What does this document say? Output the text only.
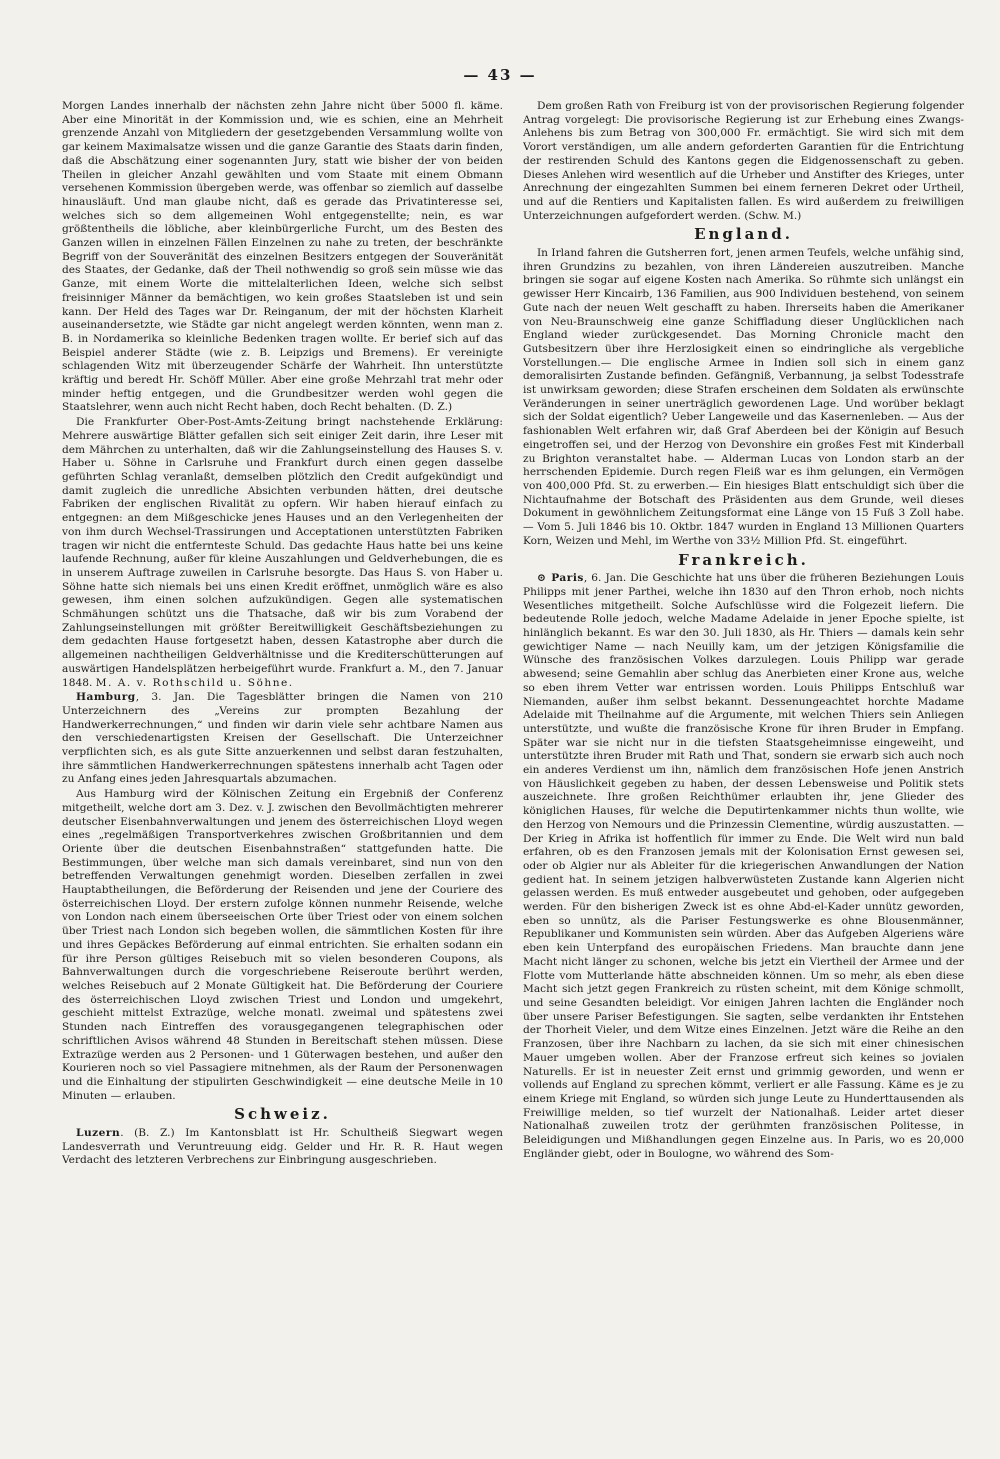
— 43 —

Morgen Landes innerhalb der nächsten zehn Jahre nicht über 5000 fl. käme. Aber eine Minorität in der Kommission und, wie es schien, eine an Mehrheit grenzende Anzahl von Mitgliedern der gesetzgebenden Versammlung wollte von gar keinem Maximalsatze wissen und die ganze Garantie des Staats darin finden, daß die Abschätzung einer sogenannten Jury, statt wie bisher der von beiden Theilen in gleicher Anzahl gewählten und vom Staate mit einem Obmann versehenen Kommission übergeben werde, was offenbar so ziemlich auf dasselbe hinausläuft. Und man glaube nicht, daß es gerade das Privatinteresse sei, welches sich so dem allgemeinen Wohl entgegenstellte; nein, es war größtentheils die löbliche, aber kleinbürgerliche Furcht, um des Besten des Ganzen willen in einzelnen Fällen Einzelnen zu nahe zu treten, der beschränkte Begriff von der Souveränität des einzelnen Besitzers entgegen der Souveränität des Staates, der Gedanke, daß der Theil nothwendig so groß sein müsse wie das Ganze, mit einem Worte die mittelalterlichen Ideen, welche sich selbst freisinniger Männer da bemächtigen, wo kein großes Staatsleben ist und sein kann. Der Held des Tages war Dr. Reinganum, der mit der höchsten Klarheit auseinandersetzte, wie Städte gar nicht angelegt werden könnten, wenn man z. B. in Nordamerika so kleinliche Bedenken tragen wollte. Er berief sich auf das Beispiel anderer Städte (wie z. B. Leipzigs und Bremens). Er vereinigte schlagenden Witz mit überzeugender Schärfe der Wahrheit. Ihn unterstützte kräftig und beredt Hr. Schöff Müller. Aber eine große Mehrzahl trat mehr oder minder heftig entgegen, und die Grundbesitzer werden wohl gegen die Staatslehrer, wenn auch nicht Recht haben, doch Recht behalten. (D. Z.)

Die Frankfurter Ober-Post-Amts-Zeitung bringt nachstehende Erklärung: Mehrere auswärtige Blätter gefallen sich seit einiger Zeit darin, ihre Leser mit dem Mährchen zu unterhalten, daß wir die Zahlungseinstellung des Hauses S. v. Haber u. Söhne in Carlsruhe und Frankfurt durch einen gegen dasselbe geführten Schlag veranlaßt, demselben plötzlich den Credit aufgekündigt und damit zugleich die unredliche Absichten verbunden hätten, drei deutsche Fabriken der englischen Rivalität zu opfern. Wir haben hierauf einfach zu entgegnen: an dem Mißgeschicke jenes Hauses und an den Verlegenheiten der von ihm durch Wechsel-Trassirungen und Acceptationen unterstützten Fabriken tragen wir nicht die entfernteste Schuld. Das gedachte Haus hatte bei uns keine laufende Rechnung, außer für kleine Auszahlungen und Geldverhebungen, die es in unserem Auftrage zuweilen in Carlsruhe besorgte. Das Haus S. von Haber u. Söhne hatte sich niemals bei uns einen Kredit eröffnet, unmöglich wäre es also gewesen, ihm einen solchen aufzukündigen. Gegen alle systematischen Schmähungen schützt uns die Thatsache, daß wir bis zum Vorabend der Zahlungseinstellungen mit größter Bereitwilligkeit Geschäftsbeziehungen zu dem gedachten Hause fortgesetzt haben, dessen Katastrophe aber durch die allgemeinen nachtheiligen Geldverhältnisse und die Krediterschütterungen auf auswärtigen Handelsplätzen herbeigeführt wurde. Frankfurt a. M., den 7. Januar 1848. M. A. v. Rothschild u. Söhne.

Hamburg, 3. Jan. Die Tagesblätter bringen die Namen von 210 Unterzeichnern des „Vereins zur prompten Bezahlung der Handwerkerrechnungen,“ und finden wir darin viele sehr achtbare Namen aus den verschiedenartigsten Kreisen der Gesellschaft. Die Unterzeichner verpflichten sich, es als gute Sitte anzuerkennen und selbst daran festzuhalten, ihre sämmtlichen Handwerkerrechnungen spätestens innerhalb acht Tagen oder zu Anfang eines jeden Jahresquartals abzumachen.

Aus Hamburg wird der Kölnischen Zeitung ein Ergebniß der Conferenz mitgetheilt, welche dort am 3. Dez. v. J. zwischen den Bevollmächtigten mehrerer deutscher Eisenbahnverwaltungen und jenem des österreichischen Lloyd wegen eines „regelmäßigen Transportverkehres zwischen Großbritannien und dem Oriente über die deutschen Eisenbahnstraßen“ stattgefunden hatte. Die Bestimmungen, über welche man sich damals vereinbaret, sind nun von den betreffenden Verwaltungen genehmigt worden. Dieselben zerfallen in zwei Hauptabtheilungen, die Beförderung der Reisenden und jene der Couriere des österreichischen Lloyd. Der erstern zufolge können nunmehr Reisende, welche von London nach einem überseeischen Orte über Triest oder von einem solchen über Triest nach London sich begeben wollen, die sämmtlichen Kosten für ihre und ihres Gepäckes Beförderung auf einmal entrichten. Sie erhalten sodann ein für ihre Person gültiges Reisebuch mit so vielen besonderen Coupons, als Bahnverwaltungen durch die vorgeschriebene Reiseroute berührt werden, welches Reisebuch auf 2 Monate Gültigkeit hat. Die Beförderung der Couriere des österreichischen Lloyd zwischen Triest und London und umgekehrt, geschieht mittelst Extrazüge, welche monatl. zweimal und spätestens zwei Stunden nach Eintreffen des vorausgegangenen telegraphischen oder schriftlichen Avisos während 48 Stunden in Bereitschaft stehen müssen. Diese Extrazüge werden aus 2 Personen- und 1 Güterwagen bestehen, und außer den Kourieren noch so viel Passagiere mitnehmen, als der Raum der Personenwagen und die Einhaltung der stipulirten Geschwindigkeit — eine deutsche Meile in 10 Minuten — erlauben.

Schweiz.

Luzern. (B. Z.) Im Kantonsblatt ist Hr. Schultheiß Siegwart wegen Landesverrath und Veruntreuung eidg. Gelder und Hr. R. R. Haut wegen Verdacht des letzteren Verbrechens zur Einbringung ausgeschrieben.

Dem großen Rath von Freiburg ist von der provisorischen Regierung folgender Antrag vorgelegt: Die provisorische Regierung ist zur Erhebung eines Zwangs-Anlehens bis zum Betrag von 300,000 Fr. ermächtigt. Sie wird sich mit dem Vorort verständigen, um alle andern geforderten Garantien für die Entrichtung der restirenden Schuld des Kantons gegen die Eidgenossenschaft zu geben. Dieses Anlehen wird wesentlich auf die Urheber und Anstifter des Krieges, unter Anrechnung der eingezahlten Summen bei einem ferneren Dekret oder Urtheil, und auf die Rentiers und Kapitalisten fallen. Es wird außerdem zu freiwilligen Unterzeichnungen aufgefordert werden. (Schw. M.)

England.

In Irland fahren die Gutsherren fort, jenen armen Teufels, welche unfähig sind, ihren Grundzins zu bezahlen, von ihren Ländereien auszutreiben. Manche bringen sie sogar auf eigene Kosten nach Amerika. So rühmte sich unlängst ein gewisser Herr Kincairb, 136 Familien, aus 900 Individuen bestehend, von seinem Gute nach der neuen Welt geschafft zu haben. Ihrerseits haben die Amerikaner von Neu-Braunschweig eine ganze Schiffladung dieser Unglücklichen nach England wieder zurückgesendet. Das Morning Chronicle macht den Gutsbesitzern über ihre Herzlosigkeit einen so eindringliche als vergebliche Vorstellungen.— Die englische Armee in Indien soll sich in einem ganz demoralisirten Zustande befinden. Gefängniß, Verbannung, ja selbst Todesstrafe ist unwirksam geworden; diese Strafen erscheinen dem Soldaten als erwünschte Veränderungen in seiner unerträglich gewordenen Lage. Und worüber beklagt sich der Soldat eigentlich? Ueber Langeweile und das Kasernenleben. — Aus der fashionablen Welt erfahren wir, daß Graf Aberdeen bei der Königin auf Besuch eingetroffen sei, und der Herzog von Devonshire ein großes Fest mit Kinderball zu Brighton veranstaltet habe. — Alderman Lucas von London starb an der herrschenden Epidemie. Durch regen Fleiß war es ihm gelungen, ein Vermögen von 400,000 Pfd. St. zu erwerben.— Ein hiesiges Blatt entschuldigt sich über die Nichtaufnahme der Botschaft des Präsidenten aus dem Grunde, weil dieses Dokument in gewöhnlichem Zeitungsformat eine Länge von 15 Fuß 3 Zoll habe. — Vom 5. Juli 1846 bis 10. Oktbr. 1847 wurden in England 13 Millionen Quarters Korn, Weizen und Mehl, im Werthe von 33½ Million Pfd. St. eingeführt.

Frankreich.

⊙ Paris, 6. Jan. Die Geschichte hat uns über die früheren Beziehungen Louis Philipps mit jener Parthei, welche ihn 1830 auf den Thron erhob, noch nichts Wesentliches mitgetheilt. Solche Aufschlüsse wird die Folgezeit liefern. Die bedeutende Rolle jedoch, welche Madame Adelaide in jener Epoche spielte, ist hinlänglich bekannt. Es war den 30. Juli 1830, als Hr. Thiers — damals kein sehr gewichtiger Name — nach Neuilly kam, um der jetzigen Königsfamilie die Wünsche des französischen Volkes darzulegen. Louis Philipp war gerade abwesend; seine Gemahlin aber schlug das Anerbieten einer Krone aus, welche so eben ihrem Vetter war entrissen worden. Louis Philipps Entschluß war Niemanden, außer ihm selbst bekannt. Dessenungeachtet horchte Madame Adelaide mit Theilnahme auf die Argumente, mit welchen Thiers sein Anliegen unterstützte, und wußte die französische Krone für ihren Bruder in Empfang. Später war sie nicht nur in die tiefsten Staatsgeheimnisse eingeweiht, und unterstützte ihren Bruder mit Rath und That, sondern sie erwarb sich auch noch ein anderes Verdienst um ihn, nämlich dem französischen Hofe jenen Anstrich von Häuslichkeit gegeben zu haben, der dessen Lebensweise und Politik stets auszeichnete. Ihre großen Reichthümer erlaubten ihr, jene Glieder des königlichen Hauses, für welche die Deputirtenkammer nichts thun wollte, wie den Herzog von Nemours und die Prinzessin Clementine, würdig auszustatten. — Der Krieg in Afrika ist hoffentlich für immer zu Ende. Die Welt wird nun bald erfahren, ob es den Franzosen jemals mit der Kolonisation Ernst gewesen sei, oder ob Algier nur als Ableiter für die kriegerischen Anwandlungen der Nation gedient hat. In seinem jetzigen halbverwüsteten Zustande kann Algerien nicht gelassen werden. Es muß entweder ausgebeutet und gehoben, oder aufgegeben werden. Für den bisherigen Zweck ist es ohne Abd-el-Kader unnütz geworden, eben so unnütz, als die Pariser Festungswerke es ohne Blousenmänner, Republikaner und Kommunisten sein würden. Aber das Aufgeben Algeriens wäre eben kein Unterpfand des europäischen Friedens. Man brauchte dann jene Macht nicht länger zu schonen, welche bis jetzt ein Viertheil der Armee und der Flotte vom Mutterlande hätte abschneiden können. Um so mehr, als eben diese Macht sich jetzt gegen Frankreich zu rüsten scheint, mit dem Könige schmollt, und seine Gesandten beleidigt. Vor einigen Jahren lachten die Engländer noch über unsere Pariser Befestigungen. Sie sagten, selbe verdankten ihr Entstehen der Thorheit Vieler, und dem Witze eines Einzelnen. Jetzt wäre die Reihe an den Franzosen, über ihre Nachbarn zu lachen, da sie sich mit einer chinesischen Mauer umgeben wollen. Aber der Franzose erfreut sich keines so jovialen Naturells. Er ist in neuester Zeit ernst und grimmig geworden, und wenn er vollends auf England zu sprechen kömmt, verliert er alle Fassung. Käme es je zu einem Kriege mit England, so würden sich junge Leute zu Hunderttausenden als Freiwillige melden, so tief wurzelt der Nationalhaß. Leider artet dieser Nationalhaß zuweilen trotz der gerühmten französischen Politesse, in Beleidigungen und Mißhandlungen gegen Einzelne aus. In Paris, wo es 20,000 Engländer giebt, oder in Boulogne, wo während des Som-
